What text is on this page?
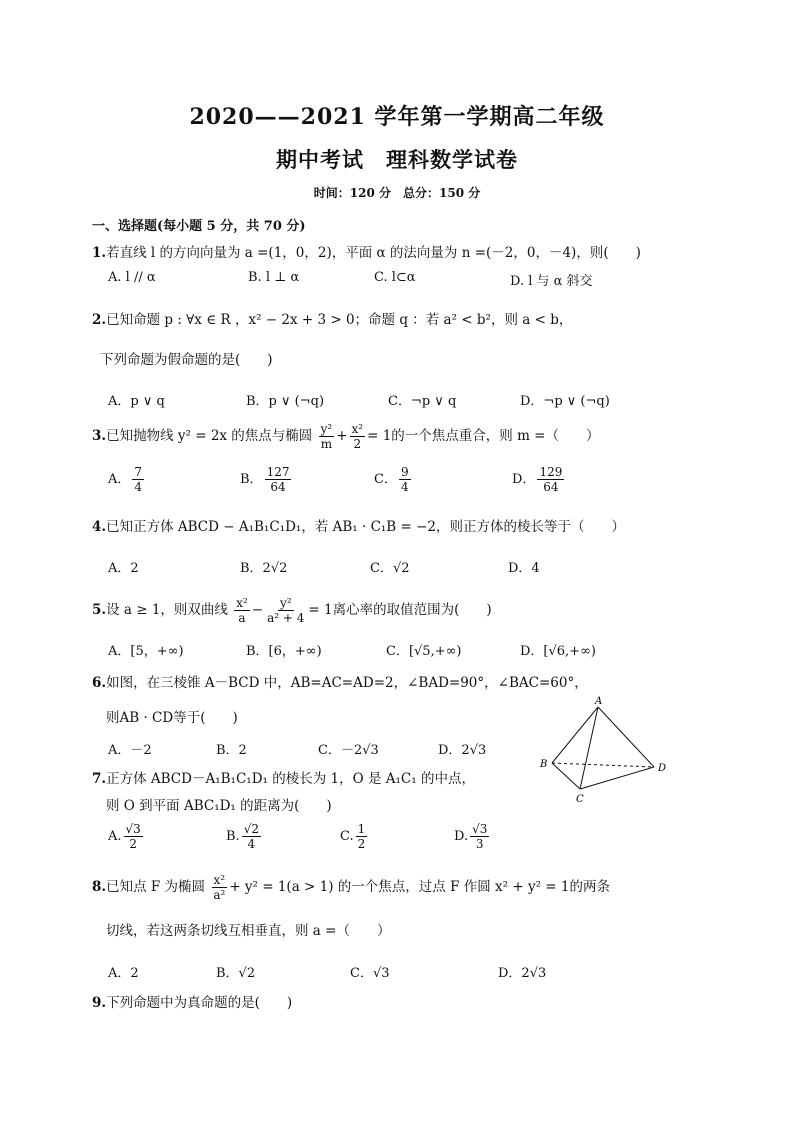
2020——2021 学年第一学期高二年级
期中考试　理科数学试卷
时间：120 分　总分：150 分
一、选择题(每小题 5 分，共 70 分)
1.若直线 l 的方向向量为 a =(1，0，2)，平面 α 的法向量为 n =(－2，0，－4)，则(　　)
A. l // α	B. l ⊥ α	C. l⊂α	D. l 与 α 斜交
2.已知命题 p : ∀x ∈ R ，x² − 2x + 3 > 0；命题 q ：若 a² < b²，则 a < b，
下列命题为假命题的是(　　)
A．p ∨ q	B．p ∨ (¬q)	C．¬p ∨ q	D．¬p ∨ (¬q)
3.已知抛物线 y² = 2x 的焦点与椭圆 $\frac{\text{y²}}{m} + \frac{\text{x²}}{2} = 1$的一个焦点重合，则 m =（　　）
A． $\frac{7}{4}$	B． $\frac{127}{64}$	C． $\frac{9}{4}$	D． $\frac{129}{64}$
4.已知正方体 ABCD − A₁B₁C₁D₁，若 AB₁ · C₁B = −2，则正方体的棱长等于（　　）
A．2	B．2√2	C．√2	D．4
5.设 a ≥ 1，则双曲线 $\frac{\text{x²}}{a} - \frac{\text{y²}}{\text{a² + 4}} = 1$离心率的取值范围为(　　)
A．[5，+∞)	B．[6，+∞)	C．[√5,+∞)	D．[√6,+∞)
6.如图，在三棱锥 A－BCD 中，AB=AC=AD=2，∠BAD=90°，∠BAC=60°，
则AB · CD等于(　　)
A．－2	B．2	C．－2√3	D．2√3
A
B
C
D
7.正方体 ABCD－A₁B₁C₁D₁ 的棱长为 1，O 是 A₁C₁ 的中点，
则 O 到平面 ABC₁D₁ 的距离为(　　)
A. $\frac{√3}{2}$	B. $\frac{√2}{4}$	C. $\frac{1}{2}$	D. $\frac{√3}{3}$
8.已知点 F 为椭圆 $\frac{\text{x²}}{\text{a²}} + y^2 = 1(a > 1)$ 的一个焦点，过点 F 作圆 x² + y² = 1的两条
切线，若这两条切线互相垂直，则 a =（　　）
A．2	B．√2	C．√3	D．2√3
9.下列命题中为真命题的是(　　)
